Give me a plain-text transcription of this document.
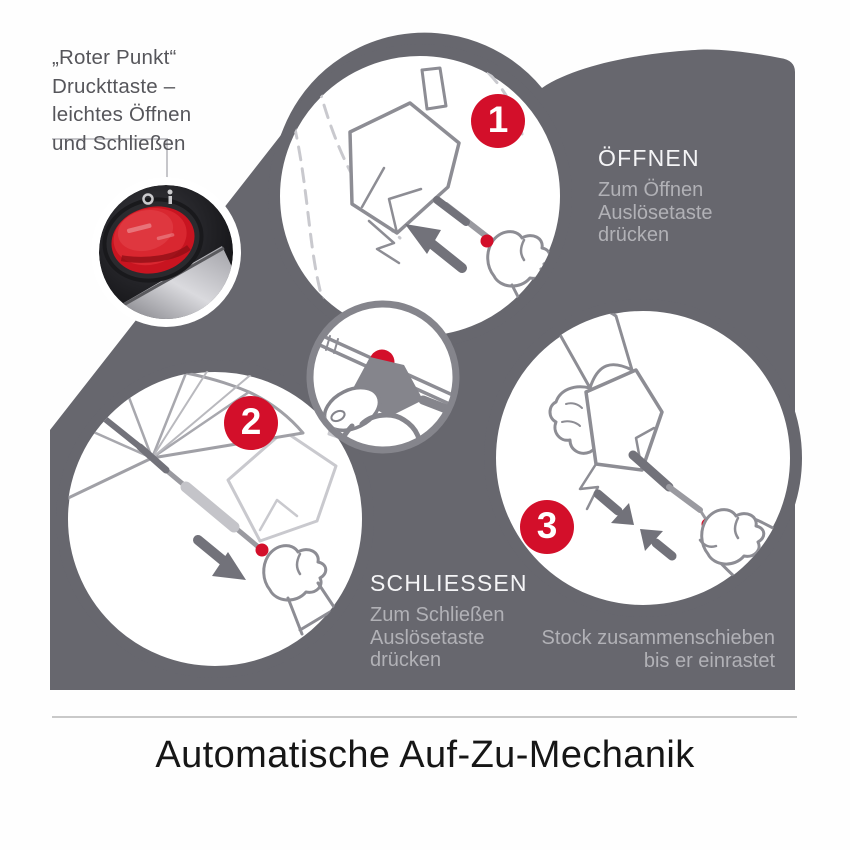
„Roter Punkt“
Druckttaste –
leichtes Öffnen
und Schließen
1
2
3
ÖFFNEN
Zum Öffnen
Auslösetaste
drücken
SCHLIESSEN
Zum Schließen
Auslösetaste
drücken
Stock zusammenschieben
bis er einrastet
Automatische Auf-Zu-Mechanik
